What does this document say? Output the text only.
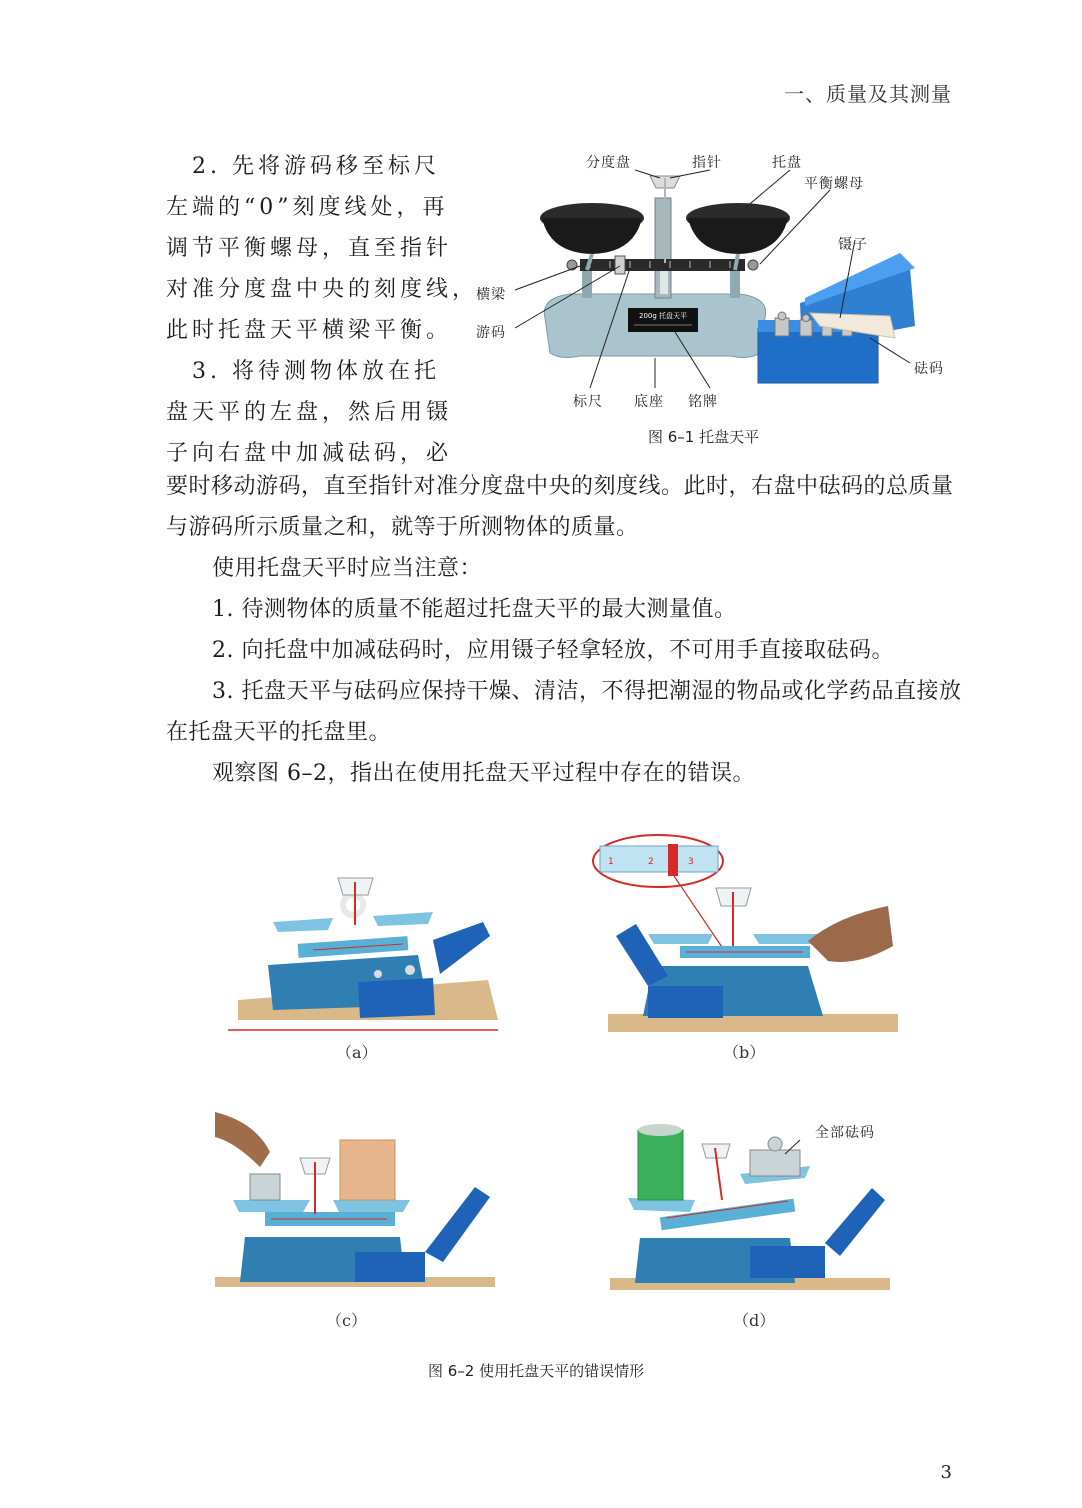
一、质量及其测量
　2. 先将游码移至标尺
左端的“0”刻度线处，再
调节平衡螺母，直至指针
对准分度盘中央的刻度线，
此时托盘天平横梁平衡。
　3. 将待测物体放在托
盘天平的左盘，然后用镊
子向右盘中加减砝码，必
200g 托盘天平
分度盘	指针	托盘
平衡螺母
镊子
横梁
游码
砝码
标尺 底座 铭牌
图 6–1 托盘天平
要时移动游码，直至指针对准分度盘中央的刻度线。此时，右盘中砝码的总质量与游码所示质量之和，就等于所测物体的质量。
使用托盘天平时应当注意：
1. 待测物体的质量不能超过托盘天平的最大测量值。
2. 向托盘中加减砝码时，应用镊子轻拿轻放，不可用手直接取砝码。
3. 托盘天平与砝码应保持干燥、清洁，不得把潮湿的物品或化学药品直接放在托盘天平的托盘里。
观察图 6–2，指出在使用托盘天平过程中存在的错误。
（a）
1	2	3
（b）
（c）
全部砝码
（d）
图 6–2 使用托盘天平的错误情形
3
